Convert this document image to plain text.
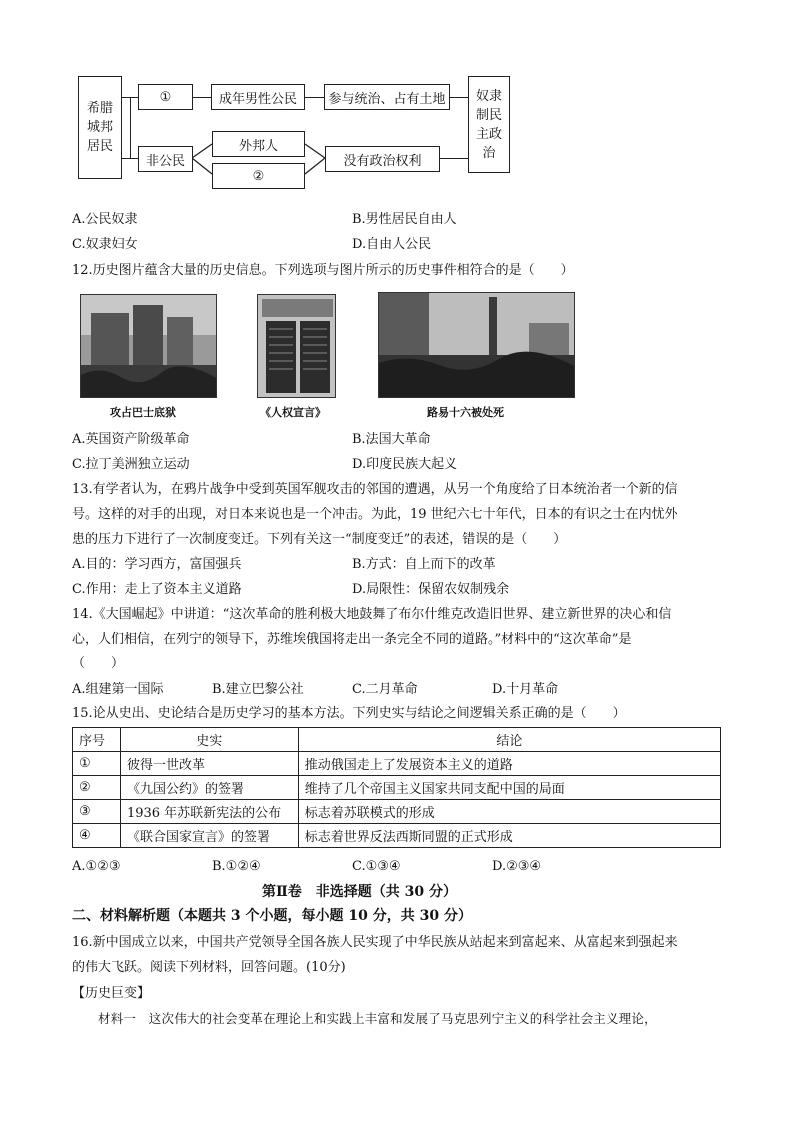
希腊
城邦
居民
奴隶
制民
主政
治
①	成年男性公民	参与统治、占有土地
非公民
外邦人
②
没有政治权利
A.公民奴隶	B.男性居民自由人
C.奴隶妇女	D.自由人公民
12.历史图片蕴含大量的历史信息。下列选项与图片所示的历史事件相符合的是（　　）
攻占巴士底狱	《人权宣言》	路易十六被处死
A.英国资产阶级革命	B.法国大革命
C.拉丁美洲独立运动	D.印度民族大起义
13.有学者认为，在鸦片战争中受到英国军舰攻击的邻国的遭遇，从另一个角度给了日本统治者一个新的信
号。这样的对手的出现，对日本来说也是一个冲击。为此，19 世纪六七十年代，日本的有识之士在内忧外
患的压力下进行了一次制度变迁。下列有关这一“制度变迁”的表述，错误的是（　　）
A.目的：学习西方，富国强兵	B.方式：自上而下的改革
C.作用：走上了资本主义道路	D.局限性：保留农奴制残余
14.《大国崛起》中讲道：“这次革命的胜利极大地鼓舞了布尔什维克改造旧世界、建立新世界的决心和信
心，人们相信，在列宁的领导下，苏维埃俄国将走出一条完全不同的道路。”材料中的“这次革命”是
（　　）
A.组建第一国际	B.建立巴黎公社	C.二月革命	D.十月革命
15.论从史出、史论结合是历史学习的基本方法。下列史实与结论之间逻辑关系正确的是（　　）
序号	史实	结论
①	彼得一世改革	推动俄国走上了发展资本主义的道路
②	《九国公约》的签署	维持了几个帝国主义国家共同支配中国的局面
③	1936 年苏联新宪法的公布	标志着苏联模式的形成
④	《联合国家宣言》的签署	标志着世界反法西斯同盟的正式形成
A.①②③	B.①②④	C.①③④	D.②③④
第Ⅱ卷　非选择题（共 30 分）
二、材料解析题（本题共 3 个小题，每小题 10 分，共 30 分）
16.新中国成立以来，中国共产党领导全国各族人民实现了中华民族从站起来到富起来、从富起来到强起来
的伟大飞跃。阅读下列材料，回答问题。(10分)
【历史巨变】
材料一　这次伟大的社会变革在理论上和实践上丰富和发展了马克思列宁主义的科学社会主义理论，
